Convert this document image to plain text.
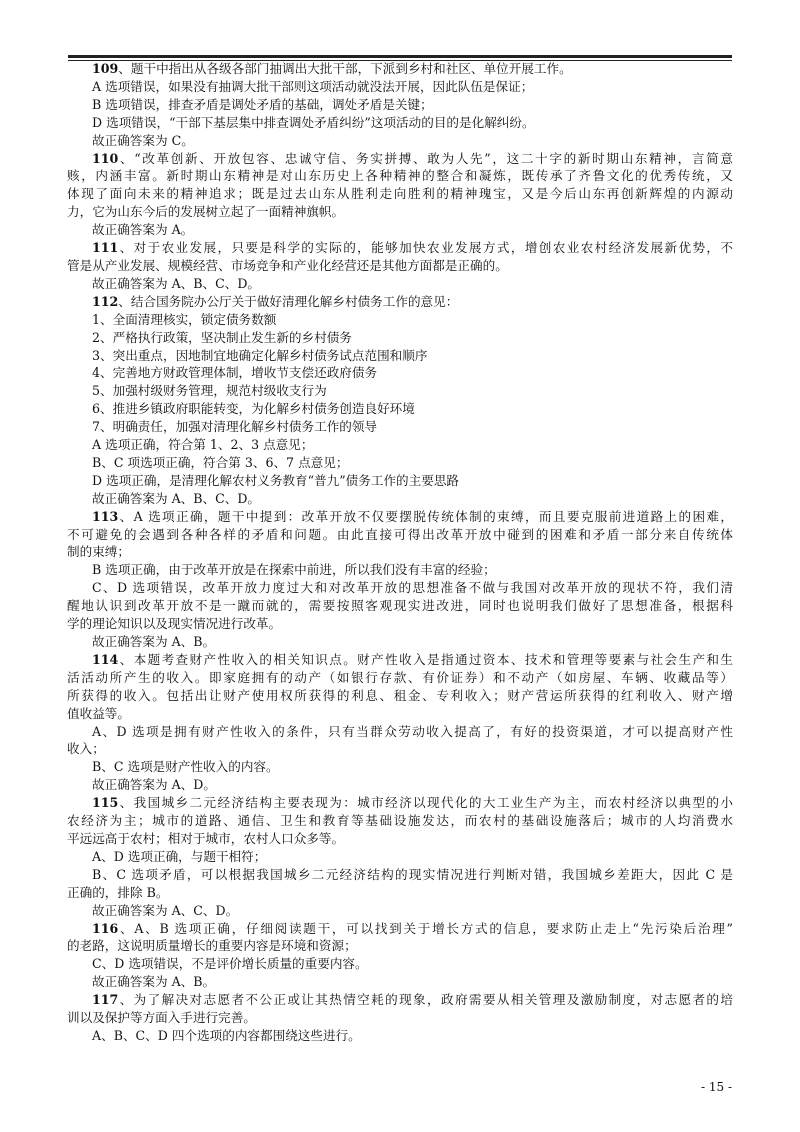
109、题干中指出从各级各部门抽调出大批干部，下派到乡村和社区、单位开展工作。
A 选项错误，如果没有抽调大批干部则这项活动就没法开展，因此队伍是保证；
B 选项错误，排查矛盾是调处矛盾的基础，调处矛盾是关键；
D 选项错误，“干部下基层集中排查调处矛盾纠纷”这项活动的目的是化解纠纷。
故正确答案为 C。
110、“改革创新、开放包容、忠诚守信、务实拼搏、敢为人先”，这二十字的新时期山东精神，言简意
赅，内涵丰富。新时期山东精神是对山东历史上各种精神的整合和凝炼，既传承了齐鲁文化的优秀传统，又
体现了面向未来的精神追求；既是过去山东从胜利走向胜利的精神瑰宝，又是今后山东再创新辉煌的内源动
力，它为山东今后的发展树立起了一面精神旗帜。
故正确答案为 A。
111、对于农业发展，只要是科学的实际的，能够加快农业发展方式，增创农业农村经济发展新优势，不
管是从产业发展、规模经营、市场竞争和产业化经营还是其他方面都是正确的。
故正确答案为 A、B、C、D。
112、结合国务院办公厅关于做好清理化解乡村债务工作的意见：
1、全面清理核实，锁定债务数额
2、严格执行政策，坚决制止发生新的乡村债务
3、突出重点，因地制宜地确定化解乡村债务试点范围和顺序
4、完善地方财政管理体制，增收节支偿还政府债务
5、加强村级财务管理，规范村级收支行为
6、推进乡镇政府职能转变，为化解乡村债务创造良好环境
7、明确责任，加强对清理化解乡村债务工作的领导
A 选项正确，符合第 1、2、3 点意见；
B、C 项选项正确，符合第 3、6、7 点意见；
D 选项正确，是清理化解农村义务教育“普九”债务工作的主要思路
故正确答案为 A、B、C、D。
113、A 选项正确，题干中提到：改革开放不仅要摆脱传统体制的束缚，而且要克服前进道路上的困难，
不可避免的会遇到各种各样的矛盾和问题。由此直接可得出改革开放中碰到的困难和矛盾一部分来自传统体
制的束缚；
B 选项正确，由于改革开放是在探索中前进，所以我们没有丰富的经验；
C、D 选项错误，改革开放力度过大和对改革开放的思想准备不做与我国对改革开放的现状不符，我们清
醒地认识到改革开放不是一蹴而就的，需要按照客观现实进改进，同时也说明我们做好了思想准备，根据科
学的理论知识以及现实情况进行改革。
故正确答案为 A、B。
114、本题考查财产性收入的相关知识点。财产性收入是指通过资本、技术和管理等要素与社会生产和生
活活动所产生的收入。即家庭拥有的动产（如银行存款、有价证券）和不动产（如房屋、车辆、收藏品等）
所获得的收入。包括出让财产使用权所获得的利息、租金、专利收入；财产营运所获得的红利收入、财产增
值收益等。
A、D 选项是拥有财产性收入的条件，只有当群众劳动收入提高了，有好的投资渠道，才可以提高财产性
收入；
B、C 选项是财产性收入的内容。
故正确答案为 A、D。
115、我国城乡二元经济结构主要表现为：城市经济以现代化的大工业生产为主，而农村经济以典型的小
农经济为主；城市的道路、通信、卫生和教育等基础设施发达，而农村的基础设施落后；城市的人均消费水
平远远高于农村；相对于城市，农村人口众多等。
A、D 选项正确，与题干相符；
B、C 选项矛盾，可以根据我国城乡二元经济结构的现实情况进行判断对错，我国城乡差距大，因此 C 是
正确的，排除 B。
故正确答案为 A、C、D。
116、A、B 选项正确，仔细阅读题干，可以找到关于增长方式的信息，要求防止走上“先污染后治理”
的老路，这说明质量增长的重要内容是环境和资源；
C、D 选项错误，不是评价增长质量的重要内容。
故正确答案为 A、B。
117、为了解决对志愿者不公正或让其热情空耗的现象，政府需要从相关管理及激励制度，对志愿者的培
训以及保护等方面入手进行完善。
A、B、C、D 四个选项的内容都围绕这些进行。
- 15 -
